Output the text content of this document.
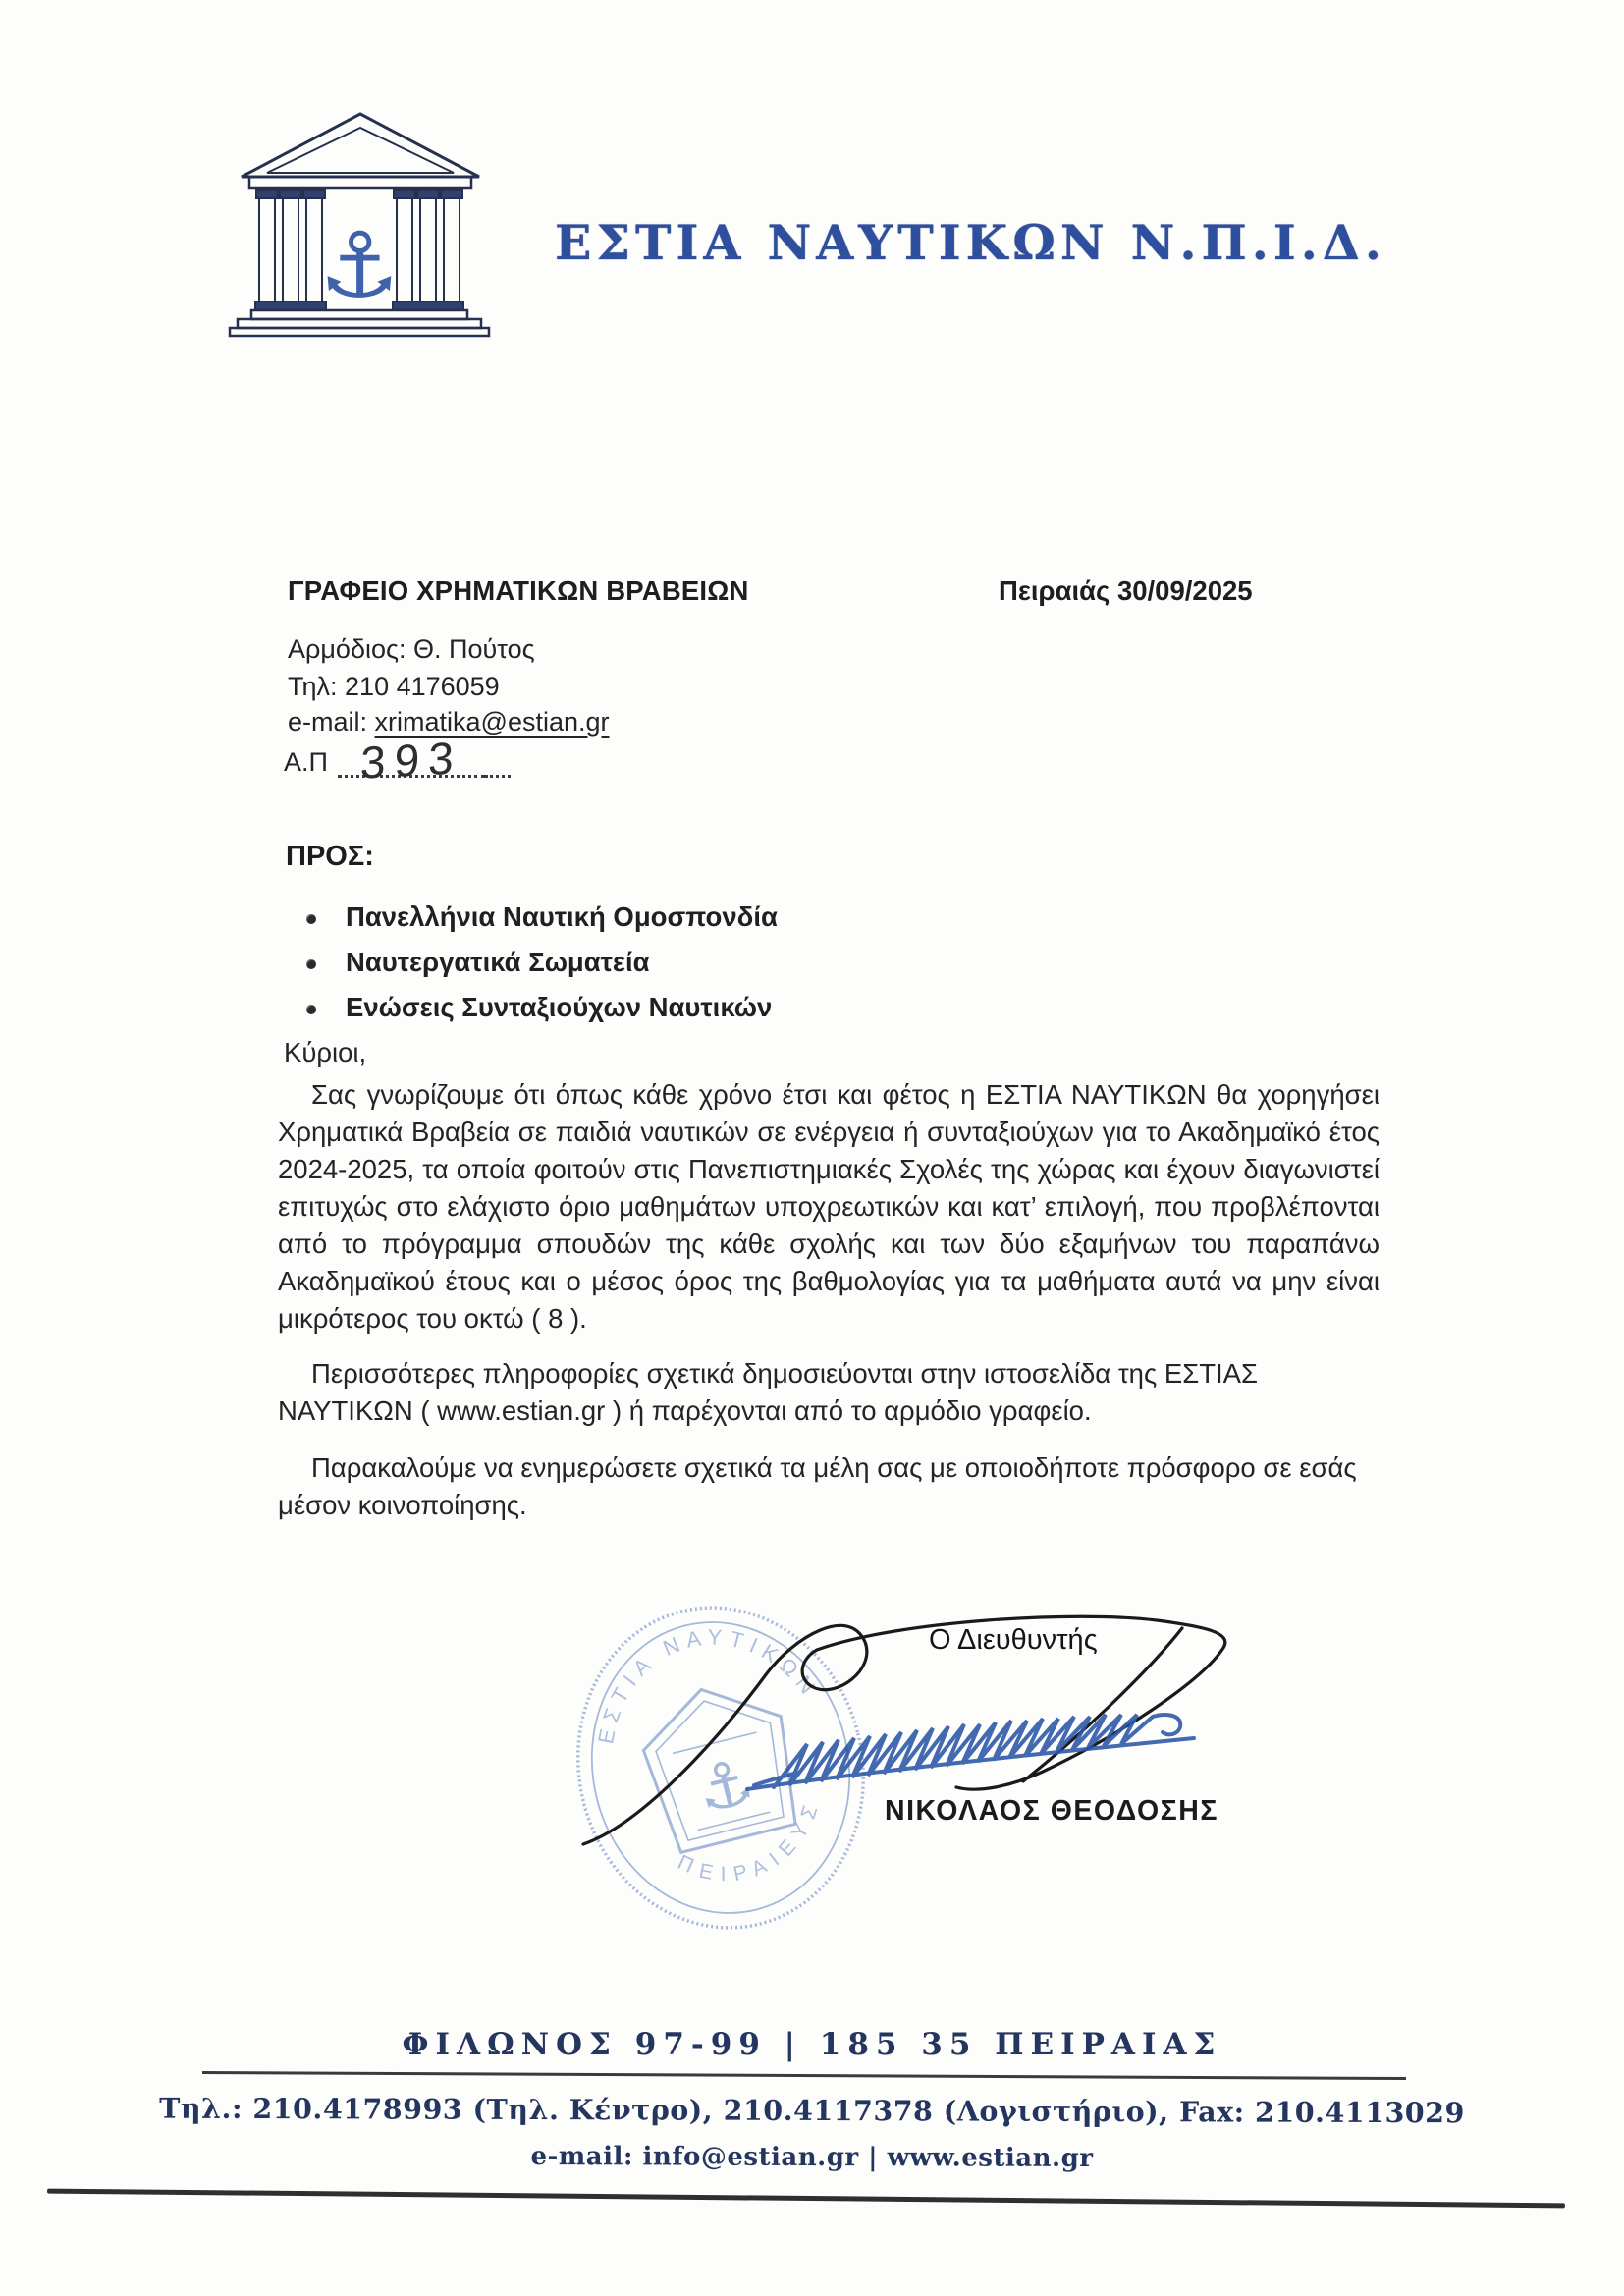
⚓	ΕΣΤΙΑ ΝΑΥΤΙΚΩΝ Ν.Π.Ι.Δ.
ΓΡΑΦΕΙΟ ΧΡΗΜΑΤΙΚΩΝ ΒΡΑΒΕΙΩΝ	Πειραιάς 30/09/2025
Αρμόδιος: Θ. Πούτος
Τηλ: 210 4176059
e-mail: xrimatika@estian.gr
Α.Π 393
ΠΡΟΣ:
Πανελλήνια Ναυτική Ομοσπονδία
Ναυτεργατικά Σωματεία
Ενώσεις Συνταξιούχων Ναυτικών
Κύριοι,
Σας γνωρίζουμε ότι όπως κάθε χρόνο έτσι και φέτος η ΕΣΤΙΑ ΝΑΥΤΙΚΩΝ θα χορηγήσει Χρηματικά Βραβεία σε παιδιά ναυτικών σε ενέργεια ή συνταξιούχων για το Ακαδημαϊκό έτος 2024-2025, τα οποία φοιτούν στις Πανεπιστημιακές Σχολές της χώρας και έχουν διαγωνιστεί επιτυχώς στο ελάχιστο όριο μαθημάτων υποχρεωτικών και κατ’ επιλογή, που προβλέπονται από το πρόγραμμα σπουδών της κάθε σχολής και των δύο εξαμήνων του παραπάνω Ακαδημαϊκού έτους και ο μέσος όρος της βαθμολογίας για τα μαθήματα αυτά να μην είναι μικρότερος του οκτώ ( 8 ).
Περισσότερες πληροφορίες σχετικά δημοσιεύονται στην ιστοσελίδα της ΕΣΤΙΑΣ ΝΑΥΤΙΚΩΝ ( www.estian.gr ) ή παρέχονται από το αρμόδιο γραφείο.
Παρακαλούμε να ενημερώσετε σχετικά τα μέλη σας με οποιοδήποτε πρόσφορο σε εσάς μέσον κοινοποίησης.
ΕΣΤΙΑ ΝΑΥΤΙΚΩΝ
ΠΕΙΡΑΙΕΥΣ
⚓
Ο Διευθυντής
ΝΙΚΟΛΑΟΣ ΘΕΟΔΟΣΗΣ
ΦΙΛΩΝΟΣ 97-99 | 185 35 ΠΕΙΡΑΙΑΣ
Τηλ.: 210.4178993 (Τηλ. Κέντρο), 210.4117378 (Λογιστήριο), Fax: 210.4113029
e-mail: info@estian.gr | www.estian.gr
